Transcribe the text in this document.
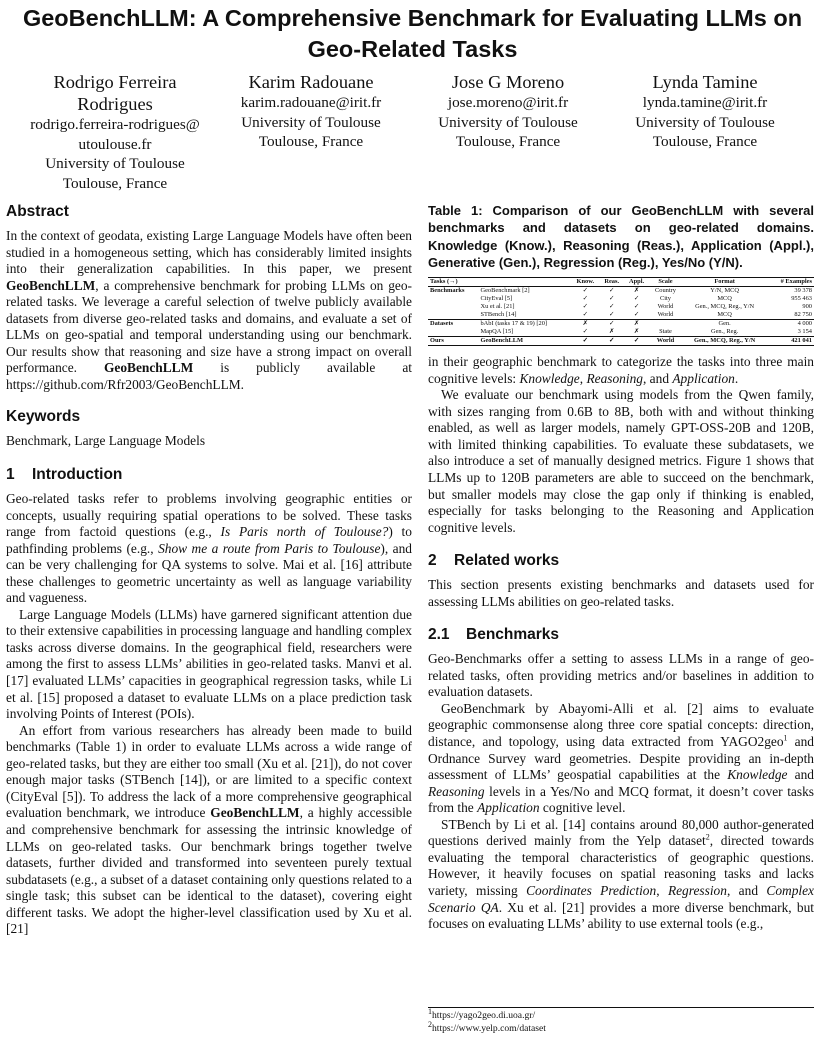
GeoBenchLLM: A Comprehensive Benchmark for Evaluating LLMs on Geo-Related Tasks
Rodrigo Ferreira Rodrigues
rodrigo.ferreira-rodrigues@utoulouse.fr
University of Toulouse
Toulouse, France
Karim Radouane
karim.radouane@irit.fr
University of Toulouse
Toulouse, France
Jose G Moreno
jose.moreno@irit.fr
University of Toulouse
Toulouse, France
Lynda Tamine
lynda.tamine@irit.fr
University of Toulouse
Toulouse, France
Abstract

In the context of geodata, existing Large Language Models have often been studied in a homogeneous setting, which has considerably limited insights into their generalization capabilities. In this paper, we present GeoBenchLLM, a comprehensive benchmark for probing LLMs on geo-related tasks. We leverage a careful selection of twelve publicly available datasets from diverse geo-related tasks and domains, and evaluate a set of LLMs on geo-spatial and temporal understanding using our benchmark. Our results show that reasoning and size have a strong impact on overall performance. GeoBenchLLM is publicly available at https://github.com/Rfr2003/GeoBenchLLM.

Keywords

Benchmark, Large Language Models

1 Introduction

Geo-related tasks refer to problems involving geographic entities or concepts, usually requiring spatial operations to be solved. These tasks range from factoid questions (e.g., Is Paris north of Toulouse?) to pathfinding problems (e.g., Show me a route from Paris to Toulouse), and can be very challenging for QA systems to solve. Mai et al. [16] attribute these challenges to geometric uncertainty as well as language variability and vagueness.

Large Language Models (LLMs) have garnered significant attention due to their extensive capabilities in processing language and handling complex tasks across diverse domains. In the geographical field, researchers were among the first to assess LLMs’ abilities in geo-related tasks. Manvi et al. [17] evaluated LLMs’ capacities in geographical regression tasks, while Li et al. [15] proposed a dataset to evaluate LLMs on a place prediction task involving Points of Interest (POIs).

An effort from various researchers has already been made to build benchmarks (Table 1) in order to evaluate LLMs across a wide range of geo-related tasks, but they are either too small (Xu et al. [21]), do not cover enough major tasks (STBench [14]), or are limited to a specific context (CityEval [5]). To address the lack of a more comprehensive geographical evaluation benchmark, we introduce GeoBenchLLM, a highly accessible and comprehensive benchmark for assessing the intrinsic knowledge of LLMs on geo-related tasks. Our benchmark brings together twelve datasets, further divided and transformed into seventeen purely textual subdatasets (e.g., a subset of a dataset containing only questions related to a single task; this subset can be identical to the dataset), covering eight different tasks. We adopt the higher-level classification used by Xu et al. [21]

Table 1: Comparison of our GeoBenchLLM with several benchmarks and datasets on geo-related domains. Knowledge (Know.), Reasoning (Reas.), Application (Appl.), Generative (Gen.), Regression (Reg.), Yes/No (Y/N).
Tasks (→)		Know.	Reas.	Appl.	Scale	Format	# Examples
Benchmarks	GeoBenchmark [2]	✓	✓	✗	Country	Y/N, MCQ	39 378
	CityEval [5]	✓	✓	✓	City	MCQ	955 463
	Xu et al. [21]	✓	✓	✓	World	Gen., MCQ, Reg., Y/N	900
	STBench [14]	✓	✓	✓	World	MCQ	82 750
Datasets	bAbI (tasks 17 & 19) [20]	✗	✓	✗		Gen.	4 000
	MapQA [15]	✓	✗	✗	State	Gen., Reg.	3 154
Ours	GeoBenchLLM	✓	✓	✓	World	Gen., MCQ, Reg., Y/N	421 041

in their geographic benchmark to categorize the tasks into three main cognitive levels: Knowledge, Reasoning, and Application.

We evaluate our benchmark using models from the Qwen family, with sizes ranging from 0.6B to 8B, both with and without thinking enabled, as well as larger models, namely GPT-OSS-20B and 120B, with limited thinking capabilities. To evaluate these subdatasets, we also introduce a set of manually designed metrics. Figure 1 shows that LLMs up to 120B parameters are able to succeed on the benchmark, but smaller models may close the gap only if thinking is enabled, especially for tasks belonging to the Reasoning and Application cognitive levels.

2 Related works

This section presents existing benchmarks and datasets used for assessing LLMs abilities on geo-related tasks.

2.1 Benchmarks

Geo-Benchmarks offer a setting to assess LLMs in a range of geo-related tasks, often providing metrics and/or baselines in addition to evaluation datasets.

GeoBenchmark by Abayomi-Alli et al. [2] aims to evaluate geographic commonsense along three core spatial concepts: direction, distance, and topology, using data extracted from YAGO2geo$^1$ and Ordnance Survey ward geometries. Despite providing an in-depth assessment of LLMs’ geospatial capabilities at the Knowledge and Reasoning levels in a Yes/No and MCQ format, it doesn’t cover tasks from the Application cognitive level.

STBench by Li et al. [14] contains around 80,000 author-generated questions derived mainly from the Yelp dataset$^2$, directed towards evaluating the temporal characteristics of geographic questions. However, it heavily focuses on spatial reasoning tasks and lacks variety, missing Coordinates Prediction, Regression, and Complex Scenario QA. Xu et al. [21] provides a more diverse benchmark, but focuses on evaluating LLMs’ ability to use external tools (e.g.,

$^1$https://yago2geo.di.uoa.gr/
$^2$https://www.yelp.com/dataset
